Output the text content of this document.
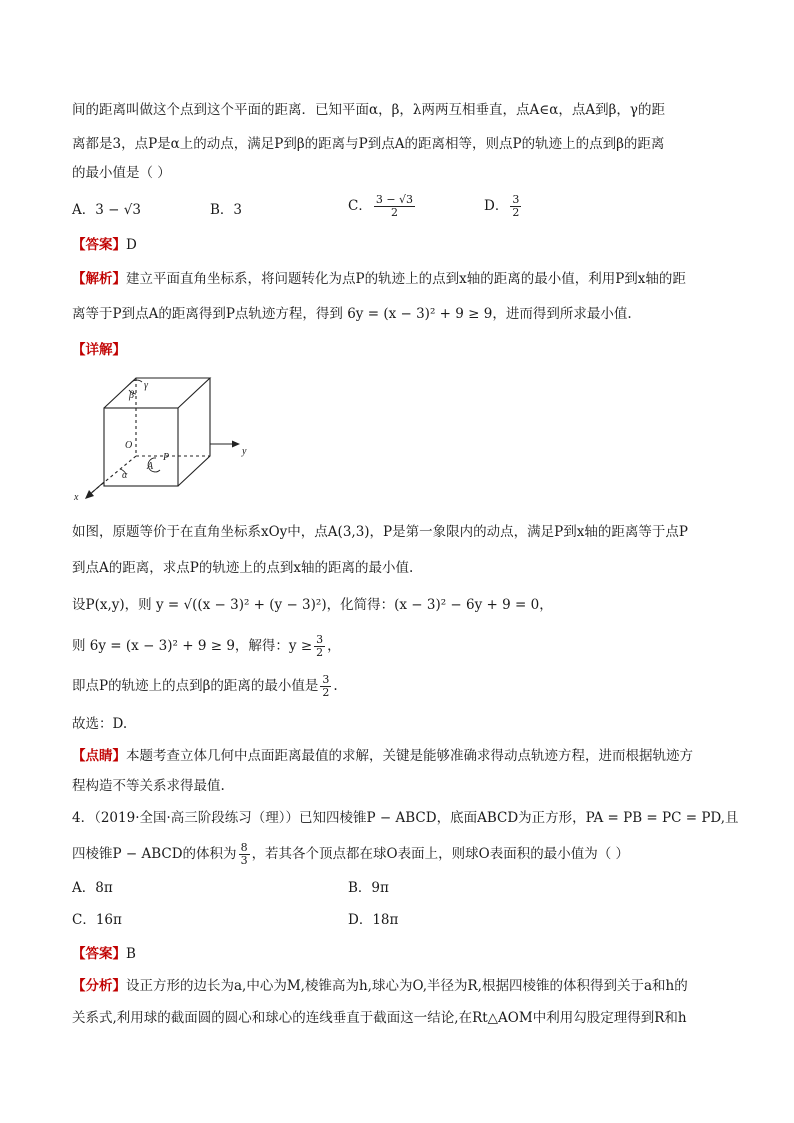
间的距离叫做这个点到这个平面的距离．已知平面α，β，λ两两互相垂直，点A∈α，点A到β，γ的距
离都是3，点P是α上的动点，满足P到β的距离与P到点A的距离相等，则点P的轨迹上的点到β的距离
的最小值是（ ）
A．3 − √3	B．3	C． $\frac{3 - √3}{2}$	D． $\frac{3}{2}$
【答案】D
【解析】建立平面直角坐标系，将问题转化为点P的轨迹上的点到x轴的距离的最小值，利用P到x轴的距
离等于P到点A的距离得到P点轨迹方程，得到 6y = (x − 3)² + 9 ≥ 9，进而得到所求最小值.
【详解】
γ
β
O
A
P
α
y
x
如图，原题等价于在直角坐标系xOy中，点A(3,3)，P是第一象限内的动点，满足P到x轴的距离等于点P
到点A的距离，求点P的轨迹上的点到x轴的距离的最小值.
设P(x,y)，则 y = √((x − 3)² + (y − 3)²)，化简得：(x − 3)² − 6y + 9 = 0，
则 6y = (x − 3)² + 9 ≥ 9，解得：$y \ge \frac{3}{2}$ ，
即点P的轨迹上的点到β的距离的最小值是 $\frac{3}{2}$ .
故选：D.
【点睛】本题考查立体几何中点面距离最值的求解，关键是能够准确求得动点轨迹方程，进而根据轨迹方
程构造不等关系求得最值.
4．（2019·全国·高三阶段练习（理））已知四棱锥P − ABCD，底面ABCD为正方形，PA = PB = PC = PD,且
四棱锥P − ABCD的体积为 $\frac{8}{3}$ ，若其各个顶点都在球O表面上，则球O表面积的最小值为（ ）
A．8π	B．9π
C．16π	D．18π
【答案】B
【分析】设正方形的边长为a,中心为M,棱锥高为h,球心为O,半径为R,根据四棱锥的体积得到关于a和h的
关系式,利用球的截面圆的圆心和球心的连线垂直于截面这一结论,在Rt△AOM中利用勾股定理得到R和h
